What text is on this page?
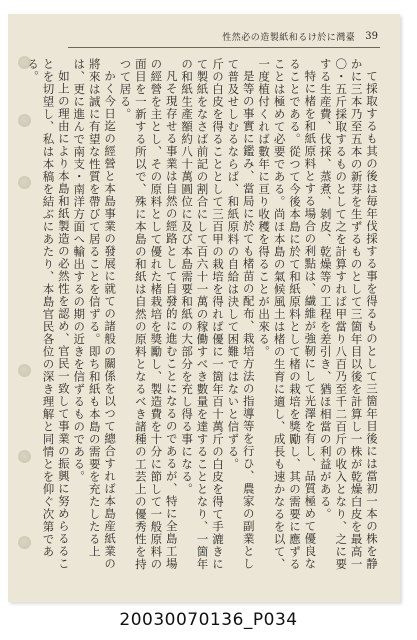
性然必の造製紙和るけ於に灣臺 39

て採取するも其の後は毎年伐採する事を得るものとして三箇年目後には當初一本の株を静かに三本乃至五本の新芽を生ずるものとして三箇年目以後を計算し一株が乾燥白皮を最高一〇・五斤採取するものとして之を計算すれば甲當り八百乃至千二百斤の收入となり、之に要する生産費、伐採、蒸煮、剝皮、乾燥等の工程を差引き、猶ほ相當の利益がある。

特に楮を和紙原料とする場合の利點は、繊維が強靭にして光澤を有し、品質極めて優良なることである。從つて今後本島に於て和紙原料として楮の栽培を獎勵し、其の需要に應ずることは極めて必要である。尚ほ本島の氣候風土は楮の生育に適し、成長も速かなるを以て、一度植付くれば數年に亘り收穫を得ることが出來る。

是等の事實に鑑み、當局に於ても楮苗の配布、栽培方法の指導等を行ひ、農家の副業として普及せしむるならば、和紙原料の自給は決して困難ではないと信ずる。

斤の白皮を得ることとして三百甲の栽培を得れば優に一箇年百十萬斤の白皮を得て手漉きにて製紙をなさば前記の割合にして百六十一萬の稼働すべき數量を達することとなり、一箇年の和紙生產額約八十萬圓位に及び本島需要和紙の大部分を充し得る事になる。

凡そ現存せる事業は自然の經路として自發的に進むことになるのであるが、特に全島工場の經營を主とし、その原料として優れた楮栽培を獎勵し、製造費を十分に節して一般原料の面目を一新する所以で、殊に本島の和紙は自然の原料となるべき諸種の工芸上の優秀性を持つて居る。

かく今日迄の經營と本島事業の發展に就ての諸般の關係を以つて總合すれば本島産紙業の將來は誠に有望な性質を帶びて居ることを信ずる。即ち和紙も本島の需要を充たしたる上は、更に進んで南支・南洋方面へ輸出するの期の近きを信ずるものである。

如上の理由により本島和紙製造の必然性を認め、官民一致して事業の振興に努めらるることを切望し、私は本稿を結ぶにあたり、本島官民各位の深き理解と同情とを仰ぐ次第である。

20030070136_P034
